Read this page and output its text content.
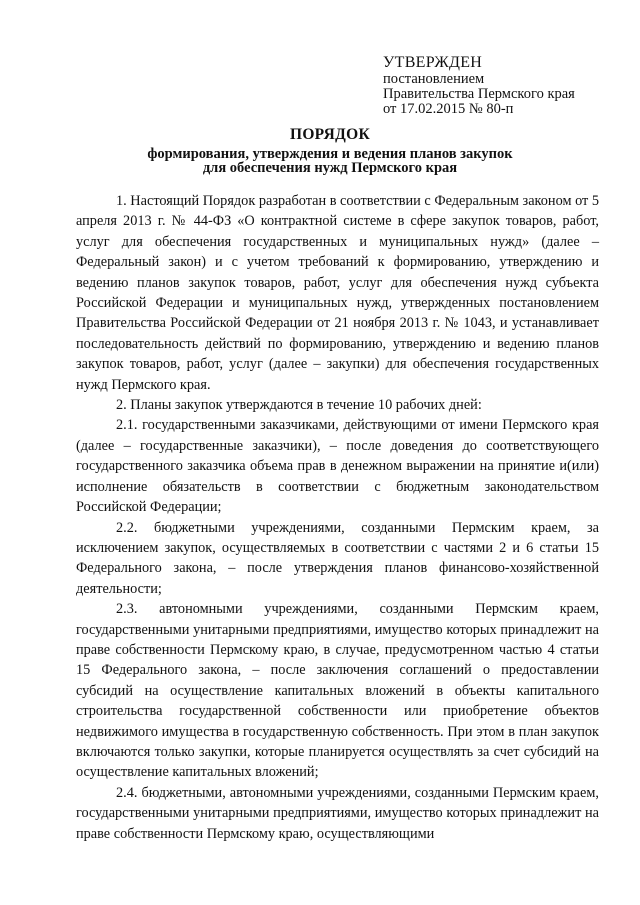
УТВЕРЖДЕН
постановлением
Правительства Пермского края
от 17.02.2015 № 80-п
ПОРЯДОК
формирования, утверждения и ведения планов закупок
для обеспечения нужд Пермского края

1. Настоящий Порядок разработан в соответствии с Федеральным законом от 5 апреля 2013 г. № 44-ФЗ «О контрактной системе в сфере закупок товаров, работ, услуг для обеспечения государственных и муниципальных нужд» (далее – Федеральный закон) и с учетом требований к формированию, утверждению и ведению планов закупок товаров, работ, услуг для обеспечения нужд субъекта Российской Федерации и муниципальных нужд, утвержденных постановлением Правительства Российской Федерации от 21 ноября 2013 г. № 1043, и устанавливает последовательность действий по формированию, утверждению и ведению планов закупок товаров, работ, услуг (далее – закупки) для обеспечения государственных нужд Пермского края.

2. Планы закупок утверждаются в течение 10 рабочих дней:

2.1. государственными заказчиками, действующими от имени Пермского края (далее – государственные заказчики), – после доведения до соответствующего государственного заказчика объема прав в денежном выражении на принятие и(или) исполнение обязательств в соответствии с бюджетным законодательством Российской Федерации;

2.2. бюджетными учреждениями, созданными Пермским краем, за исключением закупок, осуществляемых в соответствии с частями 2 и 6 статьи 15 Федерального закона, – после утверждения планов финансово-хозяйственной деятельности;

2.3. автономными учреждениями, созданными Пермским краем, государственными унитарными предприятиями, имущество которых принадлежит на праве собственности Пермскому краю, в случае, предусмотренном частью 4 статьи 15 Федерального закона, – после заключения соглашений о предоставлении субсидий на осуществление капитальных вложений в объекты капитального строительства государственной собственности или приобретение объектов недвижимого имущества в государственную собственность. При этом в план закупок включаются только закупки, которые планируется осуществлять за счет субсидий на осуществление капитальных вложений;

2.4. бюджетными, автономными учреждениями, созданными Пермским краем, государственными унитарными предприятиями, имущество которых принадлежит на праве собственности Пермскому краю, осуществляющими
